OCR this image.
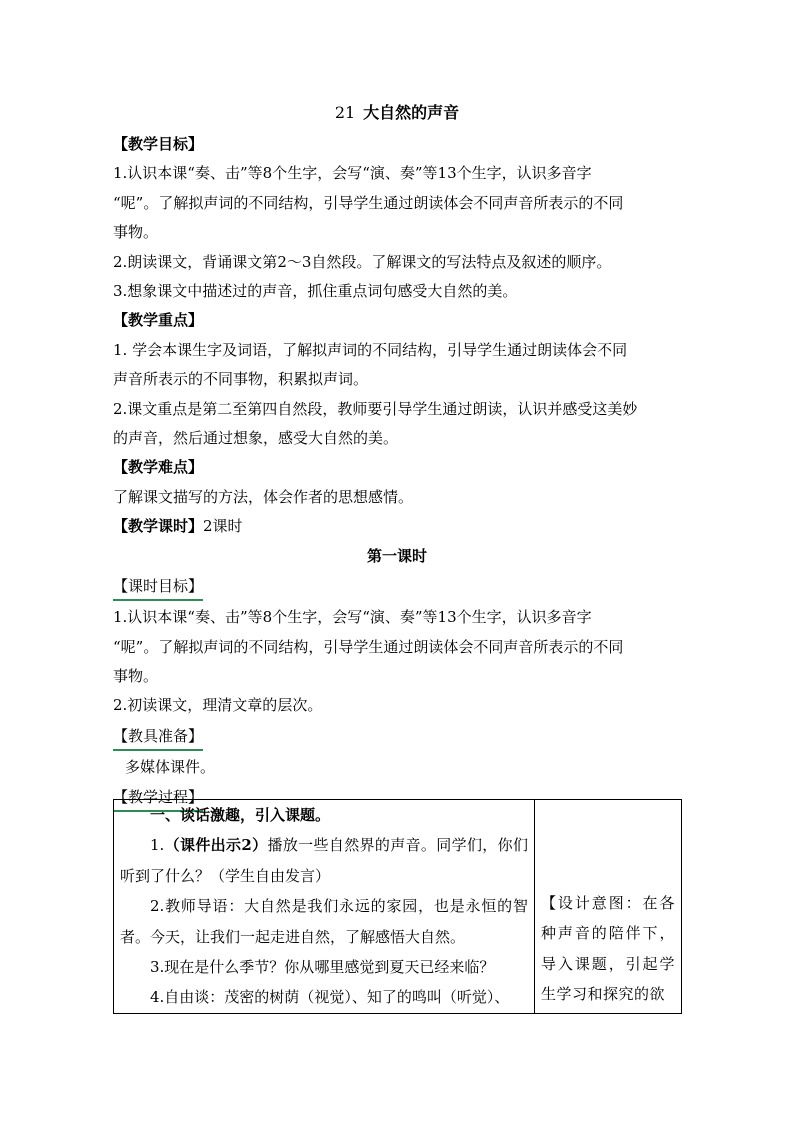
21 大自然的声音
【教学目标】

1.认识本课“奏、击”等8个生字，会写“演、奏”等13个生字，认识多音字

“呢”。了解拟声词的不同结构，引导学生通过朗读体会不同声音所表示的不同

事物。

2.朗读课文，背诵课文第2～3自然段。了解课文的写法特点及叙述的顺序。

3.想象课文中描述过的声音，抓住重点词句感受大自然的美。

【教学重点】

1. 学会本课生字及词语，了解拟声词的不同结构，引导学生通过朗读体会不同

声音所表示的不同事物，积累拟声词。

2.课文重点是第二至第四自然段，教师要引导学生通过朗读，认识并感受这美妙

的声音，然后通过想象，感受大自然的美。

【教学难点】

了解课文描写的方法，体会作者的思想感情。

【教学课时】2课时
第一课时
【课时目标】

1.认识本课“奏、击”等8个生字，会写“演、奏”等13个生字，认识多音字

“呢”。了解拟声词的不同结构，引导学生通过朗读体会不同声音所表示的不同

事物。

2.初读课文，理清文章的层次。

【教具准备】

多媒体课件。

【教学过程】
一、谈话激趣，引入课题。
1.（课件出示2）播放一些自然界的声音。同学们，你们听到了什么？（学生自由发言）
2.教师导语：大自然是我们永远的家园，也是永恒的智者。今天，让我们一起走进自然，了解感悟大自然。
3.现在是什么季节？你从哪里感觉到夏天已经来临？
4.自由谈：茂密的树荫（视觉）、知了的鸣叫（听觉）、

【设计意图：在各种声音的陪伴下，导入课题，引起学生学习和探究的欲
